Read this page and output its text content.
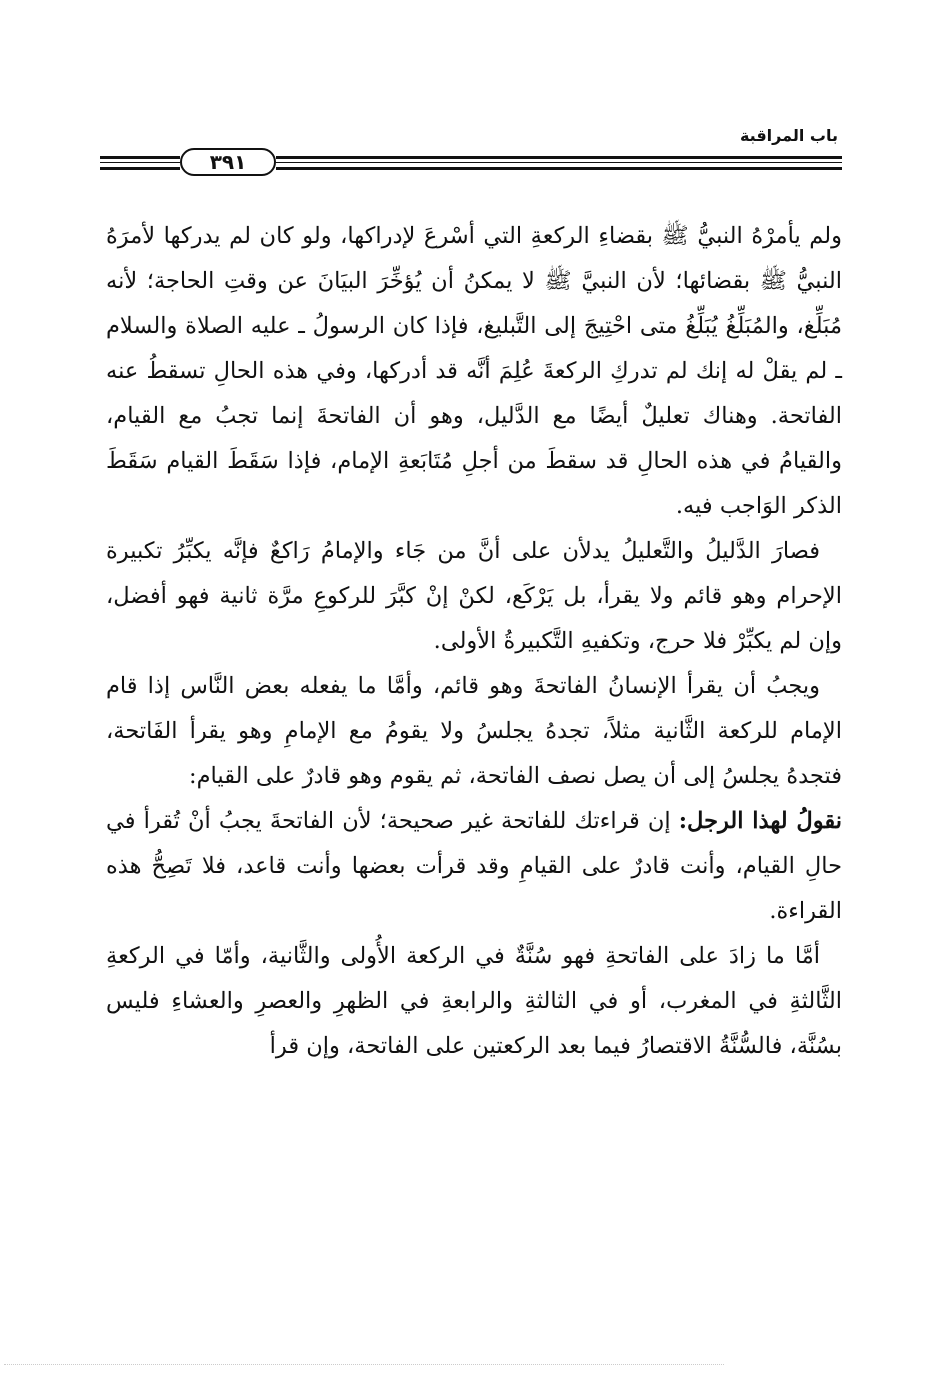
باب المراقبة
٣٩١

ولم يأمرْهُ النبيُّ ﷺ بقضاءِ الركعةِ التي أسْرعَ لإدراكها، ولو كان لم يدركها لأمرَهُ النبيُّ ﷺ بقضائها؛ لأن النبيَّ ﷺ لا يمكنُ أن يُؤخِّرَ البيَانَ عن وقتِ الحاجة؛ لأنه مُبَلِّغ، والمُبَلِّغُ يُبَلِّغُ متى احْتِيجَ إلى التَّبليغ، فإذا كان الرسولُ ـ عليه الصلاة والسلام ـ لم يقلْ له إنك لم تدركِ الركعةَ عُلِمَ أنَّه قد أدركها، وفي هذه الحالِ تسقطُ عنه الفاتحة. وهناك تعليلٌ أيضًا مع الدَّليل، وهو أن الفاتحةَ إنما تجبُ مع القيام، والقيامُ في هذه الحالِ قد سقطَ من أجلِ مُتَابَعةِ الإمام، فإذا سَقَطَ القيام سَقَطَ الذكر الوَاجب فيه.

فصارَ الدَّليلُ والتَّعليلُ يدلأن على أنَّ من جَاء والإمامُ رَاكعٌ فإنَّه يكبِّرُ تكبيرة الإحرام وهو قائم ولا يقرأ، بل يَرْكَع، لكنْ إنْ كبَّرَ للركوعِ مرَّة ثانية فهو أفضل، وإن لم يكبِّرْ فلا حرج، وتكفيهِ التَّكبيرةُ الأولى.

ويجبُ أن يقرأ الإنسانُ الفاتحةَ وهو قائم، وأمَّا ما يفعله بعض النَّاس إذا قام الإمام للركعة الثَّانية مثلاً، تجدهُ يجلسُ ولا يقومُ مع الإمامِ وهو يقرأ الفَاتحة، فتجدهُ يجلسُ إلى أن يصل نصف الفاتحة، ثم يقوم وهو قادرٌ على القيام:

نقولُ لهذا الرجل: إن قراءتك للفاتحة غير صحيحة؛ لأن الفاتحةَ يجبُ أنْ تُقرأ في حالِ القيام، وأنت قادرٌ على القيامِ وقد قرأت بعضها وأنت قاعد، فلا تَصِحُّ هذه القراءة.

أمَّا ما زادَ على الفاتحةِ فهو سُنَّةٌ في الركعة الأُولى والثَّانية، وأمّا في الركعةِ الثَّالثةِ في المغرب، أو في الثالثةِ والرابعةِ في الظهرِ والعصرِ والعشاءِ فليس بسُنَّة، فالسُّنَّةُ الاقتصارُ فيما بعد الركعتين على الفاتحة، وإن قرأ
